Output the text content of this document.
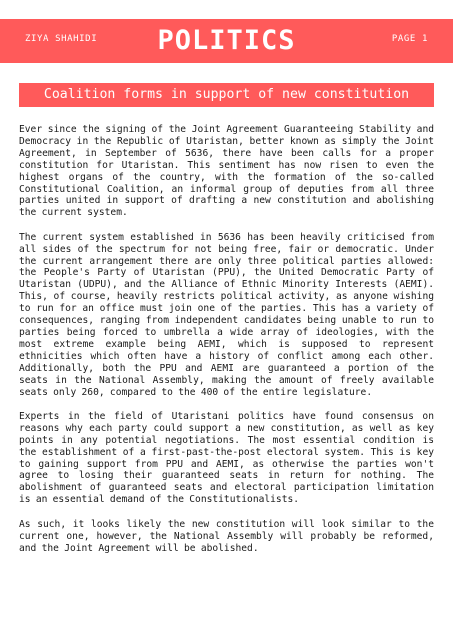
ZIYA SHAHIDI	POLITICS	PAGE 1
Coalition forms in support of new constitution

Ever since the signing of the Joint Agreement Guaranteeing Stability and Democracy in the Republic of Utaristan, better known as simply the Joint Agreement, in September of 5636, there have been calls for a proper constitution for Utaristan. This sentiment has now risen to even the highest organs of the country, with the formation of the so-called Constitutional Coalition, an informal group of deputies from all three parties united in support of drafting a new constitution and abolishing the current system.

The current system established in 5636 has been heavily criticised from all sides of the spectrum for not being free, fair or democratic. Under the current arrangement there are only three political parties allowed: the People's Party of Utaristan (PPU), the United Democratic Party of Utaristan (UDPU), and the Alliance of Ethnic Minority Interests (AEMI). This, of course, heavily restricts political activity, as anyone wishing to run for an office must join one of the parties. This has a variety of consequences, ranging from independent candidates being unable to run to parties being forced to umbrella a wide array of ideologies, with the most extreme example being AEMI, which is supposed to represent ethnicities which often have a history of conflict among each other. Additionally, both the PPU and AEMI are guaranteed a portion of the seats in the National Assembly, making the amount of freely available seats only 260, compared to the 400 of the entire legislature.

Experts in the field of Utaristani politics have found consensus on reasons why each party could support a new constitution, as well as key points in any potential negotiations. The most essential condition is the establishment of a first-past-the-post electoral system. This is key to gaining support from PPU and AEMI, as otherwise the parties won't agree to losing their guaranteed seats in return for nothing. The abolishment of guaranteed seats and electoral participation limitation is an essential demand of the Constitutionalists.

As such, it looks likely the new constitution will look similar to the current one, however, the National Assembly will probably be reformed, and the Joint Agreement will be abolished.
